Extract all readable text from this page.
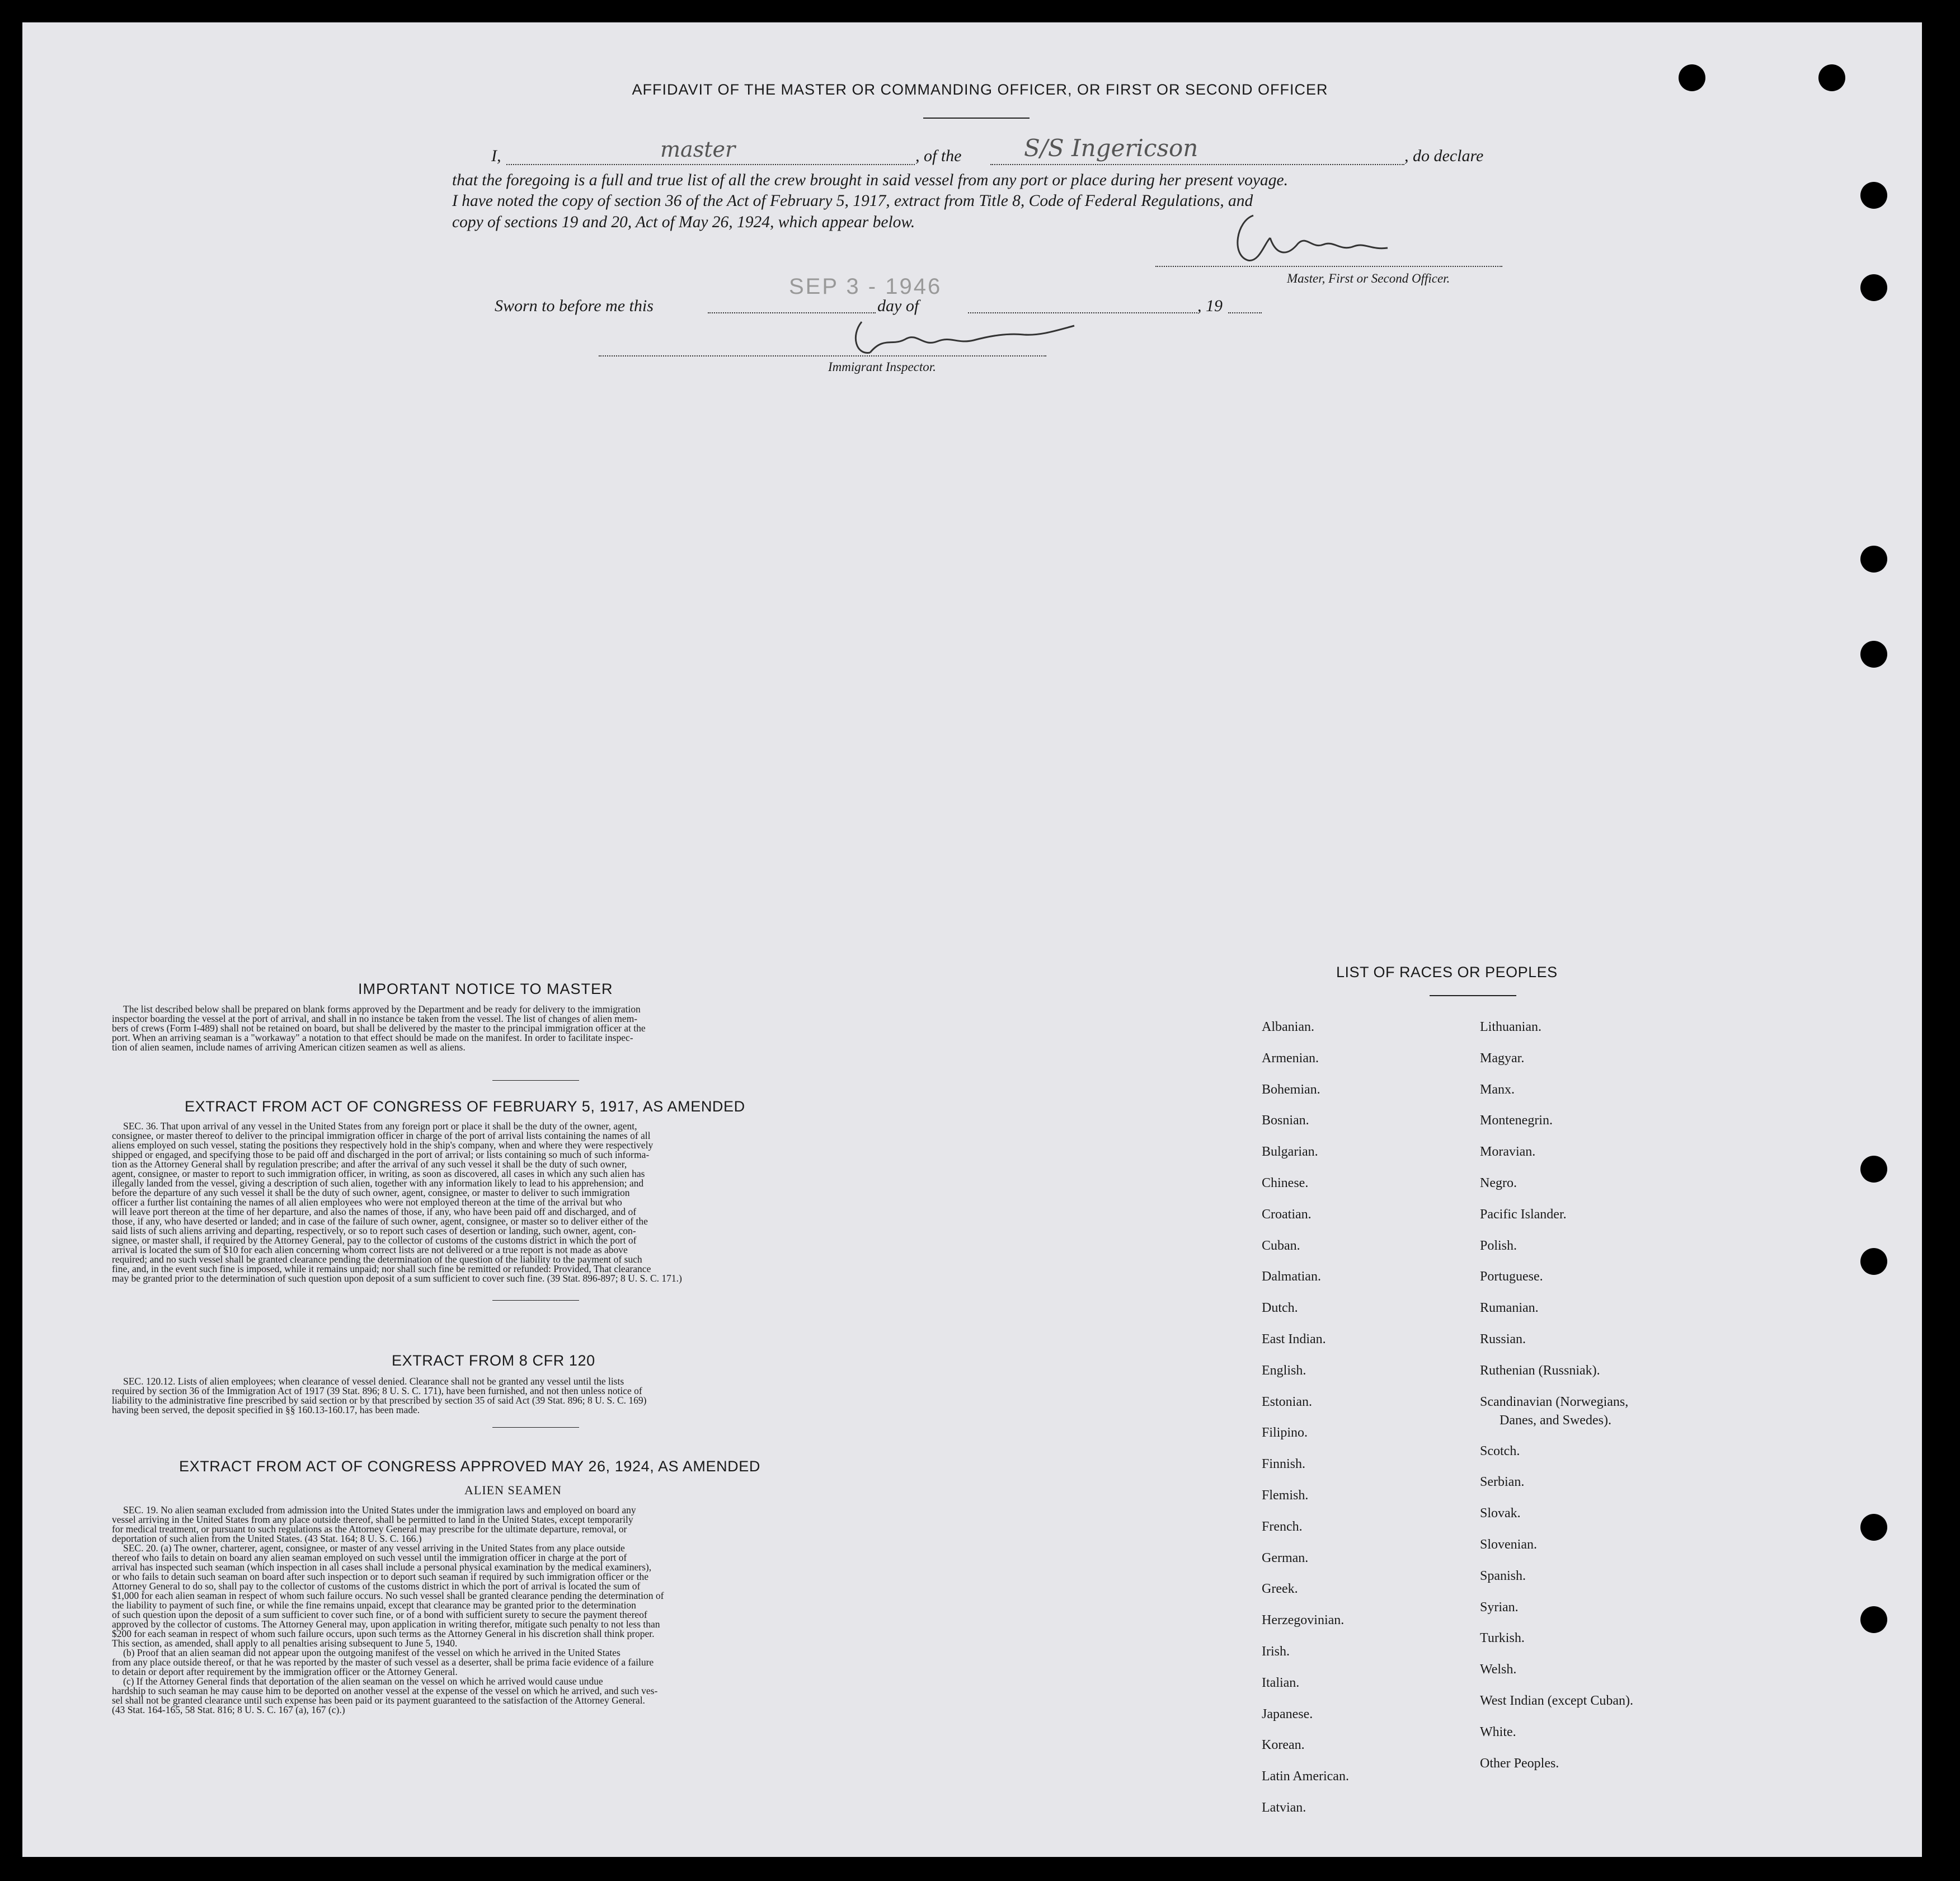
AFFIDAVIT OF THE MASTER OR COMMANDING OFFICER, OR FIRST OR SECOND OFFICER
I,	master	, of the	S/S Ingericson	, do declare
that the foregoing is a full and true list of all the crew brought in said vessel from any port or place during her present voyage.
I have noted the copy of section 36 of the Act of February 5, 1917, extract from Title 8, Code of Federal Regulations, and
copy of sections 19 and 20, Act of May 26, 1924, which appear below.
Master, First or Second Officer.
Sworn to before me this
SEP 3 - 1946
day of	, 19
Immigrant Inspector.
IMPORTANT NOTICE TO MASTER
The list described below shall be prepared on blank forms approved by the Department and be ready for delivery to the immigration
inspector boarding the vessel at the port of arrival, and shall in no instance be taken from the vessel. The list of changes of alien mem-
bers of crews (Form I-489) shall not be retained on board, but shall be delivered by the master to the principal immigration officer at the
port. When an arriving seaman is a "workaway" a notation to that effect should be made on the manifest. In order to facilitate inspec-
tion of alien seamen, include names of arriving American citizen seamen as well as aliens.
EXTRACT FROM ACT OF CONGRESS OF FEBRUARY 5, 1917, AS AMENDED
SEC. 36. That upon arrival of any vessel in the United States from any foreign port or place it shall be the duty of the owner, agent,
consignee, or master thereof to deliver to the principal immigration officer in charge of the port of arrival lists containing the names of all
aliens employed on such vessel, stating the positions they respectively hold in the ship's company, when and where they were respectively
shipped or engaged, and specifying those to be paid off and discharged in the port of arrival; or lists containing so much of such informa-
tion as the Attorney General shall by regulation prescribe; and after the arrival of any such vessel it shall be the duty of such owner,
agent, consignee, or master to report to such immigration officer, in writing, as soon as discovered, all cases in which any such alien has
illegally landed from the vessel, giving a description of such alien, together with any information likely to lead to his apprehension; and
before the departure of any such vessel it shall be the duty of such owner, agent, consignee, or master to deliver to such immigration
officer a further list containing the names of all alien employees who were not employed thereon at the time of the arrival but who
will leave port thereon at the time of her departure, and also the names of those, if any, who have been paid off and discharged, and of
those, if any, who have deserted or landed; and in case of the failure of such owner, agent, consignee, or master so to deliver either of the
said lists of such aliens arriving and departing, respectively, or so to report such cases of desertion or landing, such owner, agent, con-
signee, or master shall, if required by the Attorney General, pay to the collector of customs of the customs district in which the port of
arrival is located the sum of $10 for each alien concerning whom correct lists are not delivered or a true report is not made as above
required; and no such vessel shall be granted clearance pending the determination of the question of the liability to the payment of such
fine, and, in the event such fine is imposed, while it remains unpaid; nor shall such fine be remitted or refunded: Provided, That clearance
may be granted prior to the determination of such question upon deposit of a sum sufficient to cover such fine. (39 Stat. 896-897; 8 U. S. C. 171.)
EXTRACT FROM 8 CFR 120
SEC. 120.12. Lists of alien employees; when clearance of vessel denied. Clearance shall not be granted any vessel until the lists
required by section 36 of the Immigration Act of 1917 (39 Stat. 896; 8 U. S. C. 171), have been furnished, and not then unless notice of
liability to the administrative fine prescribed by said section or by that prescribed by section 35 of said Act (39 Stat. 896; 8 U. S. C. 169)
having been served, the deposit specified in §§ 160.13-160.17, has been made.
EXTRACT FROM ACT OF CONGRESS APPROVED MAY 26, 1924, AS AMENDED
ALIEN SEAMEN
SEC. 19. No alien seaman excluded from admission into the United States under the immigration laws and employed on board any
vessel arriving in the United States from any place outside thereof, shall be permitted to land in the United States, except temporarily
for medical treatment, or pursuant to such regulations as the Attorney General may prescribe for the ultimate departure, removal, or
deportation of such alien from the United States. (43 Stat. 164; 8 U. S. C. 166.)
SEC. 20. (a) The owner, charterer, agent, consignee, or master of any vessel arriving in the United States from any place outside
thereof who fails to detain on board any alien seaman employed on such vessel until the immigration officer in charge at the port of
arrival has inspected such seaman (which inspection in all cases shall include a personal physical examination by the medical examiners),
or who fails to detain such seaman on board after such inspection or to deport such seaman if required by such immigration officer or the
Attorney General to do so, shall pay to the collector of customs of the customs district in which the port of arrival is located the sum of
$1,000 for each alien seaman in respect of whom such failure occurs. No such vessel shall be granted clearance pending the determination of
the liability to payment of such fine, or while the fine remains unpaid, except that clearance may be granted prior to the determination
of such question upon the deposit of a sum sufficient to cover such fine, or of a bond with sufficient surety to secure the payment thereof
approved by the collector of customs. The Attorney General may, upon application in writing therefor, mitigate such penalty to not less than
$200 for each seaman in respect of whom such failure occurs, upon such terms as the Attorney General in his discretion shall think proper.
This section, as amended, shall apply to all penalties arising subsequent to June 5, 1940.
(b) Proof that an alien seaman did not appear upon the outgoing manifest of the vessel on which he arrived in the United States
from any place outside thereof, or that he was reported by the master of such vessel as a deserter, shall be prima facie evidence of a failure
to detain or deport after requirement by the immigration officer or the Attorney General.
(c) If the Attorney General finds that deportation of the alien seaman on the vessel on which he arrived would cause undue
hardship to such seaman he may cause him to be deported on another vessel at the expense of the vessel on which he arrived, and such ves-
sel shall not be granted clearance until such expense has been paid or its payment guaranteed to the satisfaction of the Attorney General.
(43 Stat. 164-165, 58 Stat. 816; 8 U. S. C. 167 (a), 167 (c).)
LIST OF RACES OR PEOPLES
Albanian.
Armenian.
Bohemian.
Bosnian.
Bulgarian.
Chinese.
Croatian.
Cuban.
Dalmatian.
Dutch.
East Indian.
English.
Estonian.
Filipino.
Finnish.
Flemish.
French.
German.
Greek.
Herzegovinian.
Irish.
Italian.
Japanese.
Korean.
Latin American.
Latvian.
Lithuanian.
Magyar.
Manx.
Montenegrin.
Moravian.
Negro.
Pacific Islander.
Polish.
Portuguese.
Rumanian.
Russian.
Ruthenian (Russniak).
Scandinavian (Norwegians,
Danes, and Swedes).
Scotch.
Serbian.
Slovak.
Slovenian.
Spanish.
Syrian.
Turkish.
Welsh.
West Indian (except Cuban).
White.
Other Peoples.
